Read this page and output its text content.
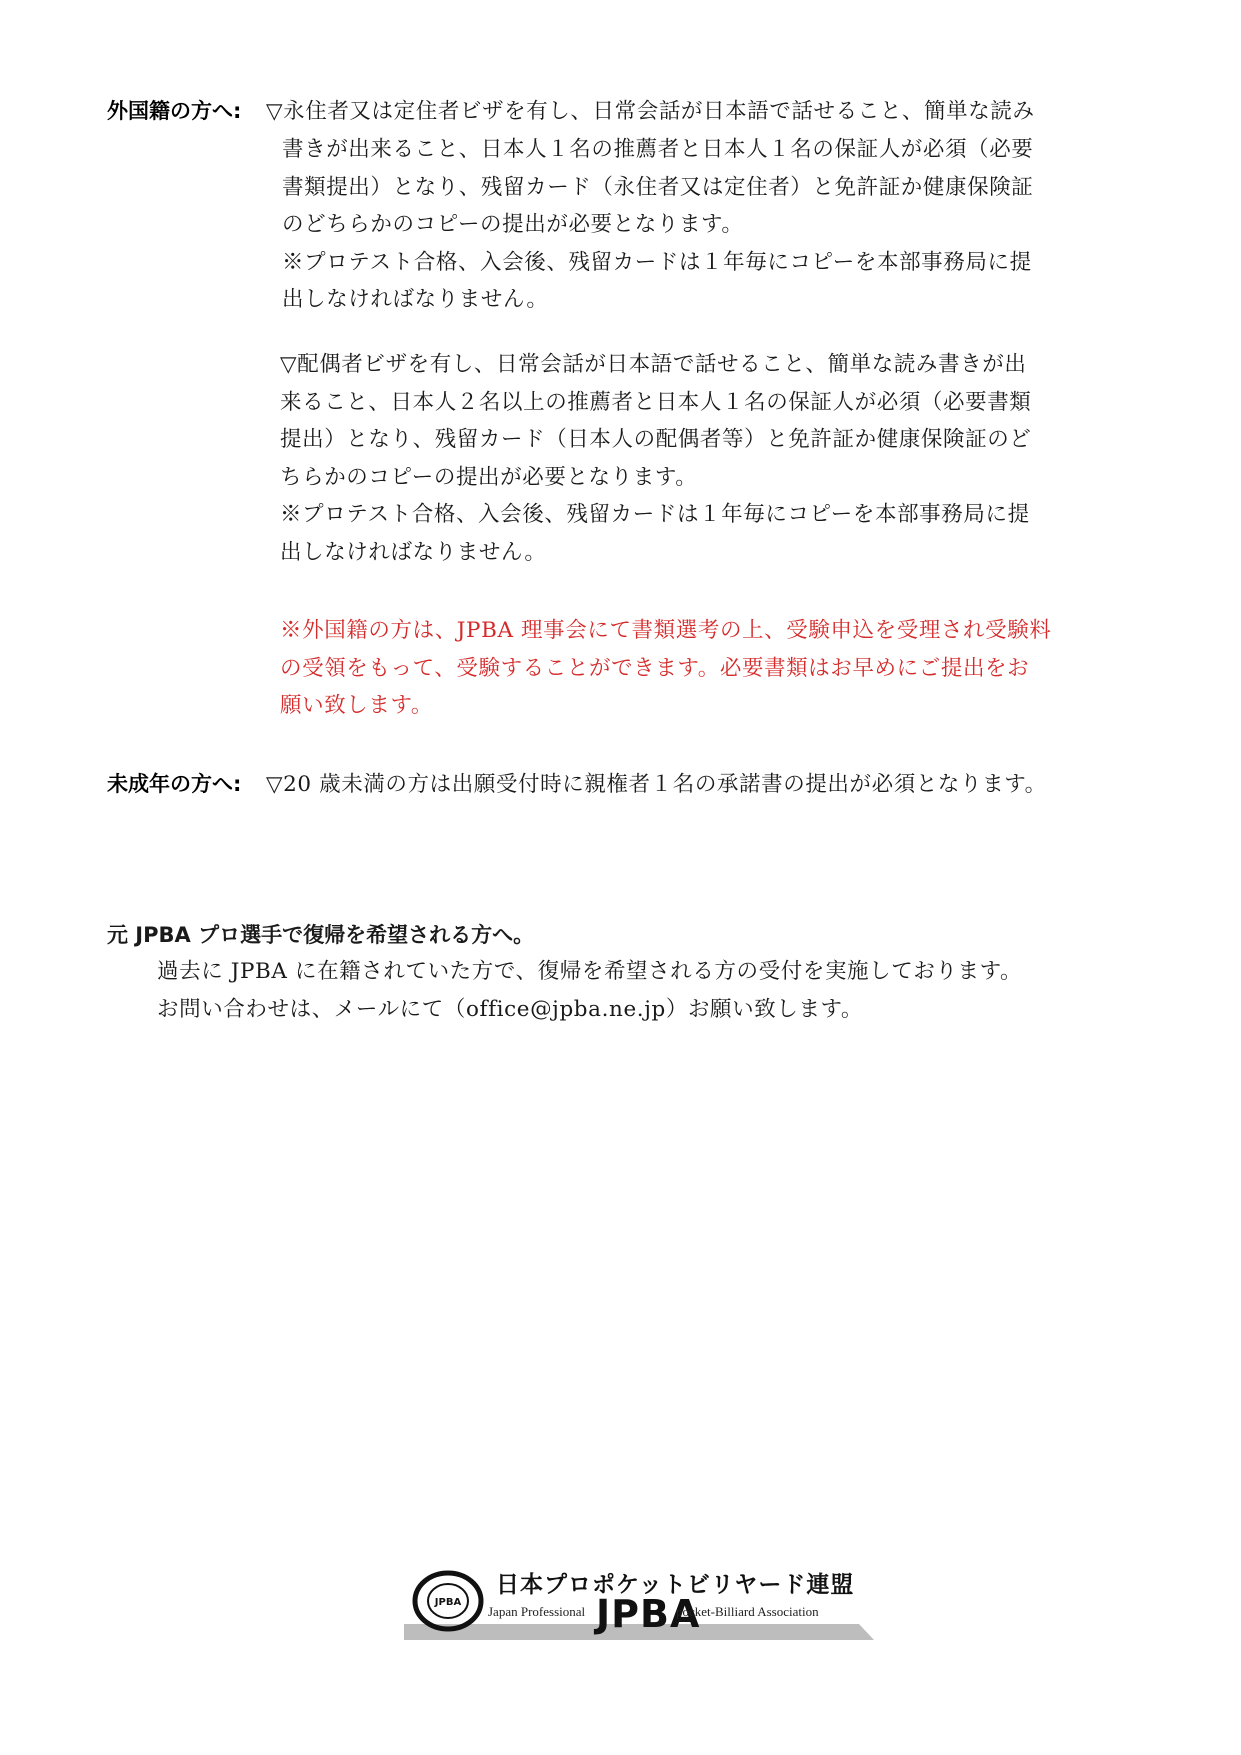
外国籍の方へ: ▽永住者又は定住者ビザを有し、日常会話が日本語で話せること、簡単な読み
書きが出来ること、日本人１名の推薦者と日本人１名の保証人が必須（必要
書類提出）となり、残留カード（永住者又は定住者）と免許証か健康保険証
のどちらかのコピーの提出が必要となります。
※プロテスト合格、入会後、残留カードは１年毎にコピーを本部事務局に提
出しなければなりません。
▽配偶者ビザを有し、日常会話が日本語で話せること、簡単な読み書きが出
来ること、日本人２名以上の推薦者と日本人１名の保証人が必須（必要書類
提出）となり、残留カード（日本人の配偶者等）と免許証か健康保険証のど
ちらかのコピーの提出が必要となります。
※プロテスト合格、入会後、残留カードは１年毎にコピーを本部事務局に提
出しなければなりません。
※外国籍の方は、JPBA 理事会にて書類選考の上、受験申込を受理され受験料
の受領をもって、受験することができます。必要書類はお早めにご提出をお
願い致します。
未成年の方へ: ▽20 歳未満の方は出願受付時に親権者１名の承諾書の提出が必須となります。
元 JPBA プロ選手で復帰を希望される方へ。
過去に JPBA に在籍されていた方で、復帰を希望される方の受付を実施しております。
お問い合わせは、メールにて（office@jpba.ne.jp）お願い致します。
JPBA
日本プロポケットビリヤード連盟
Japan Professional JPBA
pocket-Billiard Association
